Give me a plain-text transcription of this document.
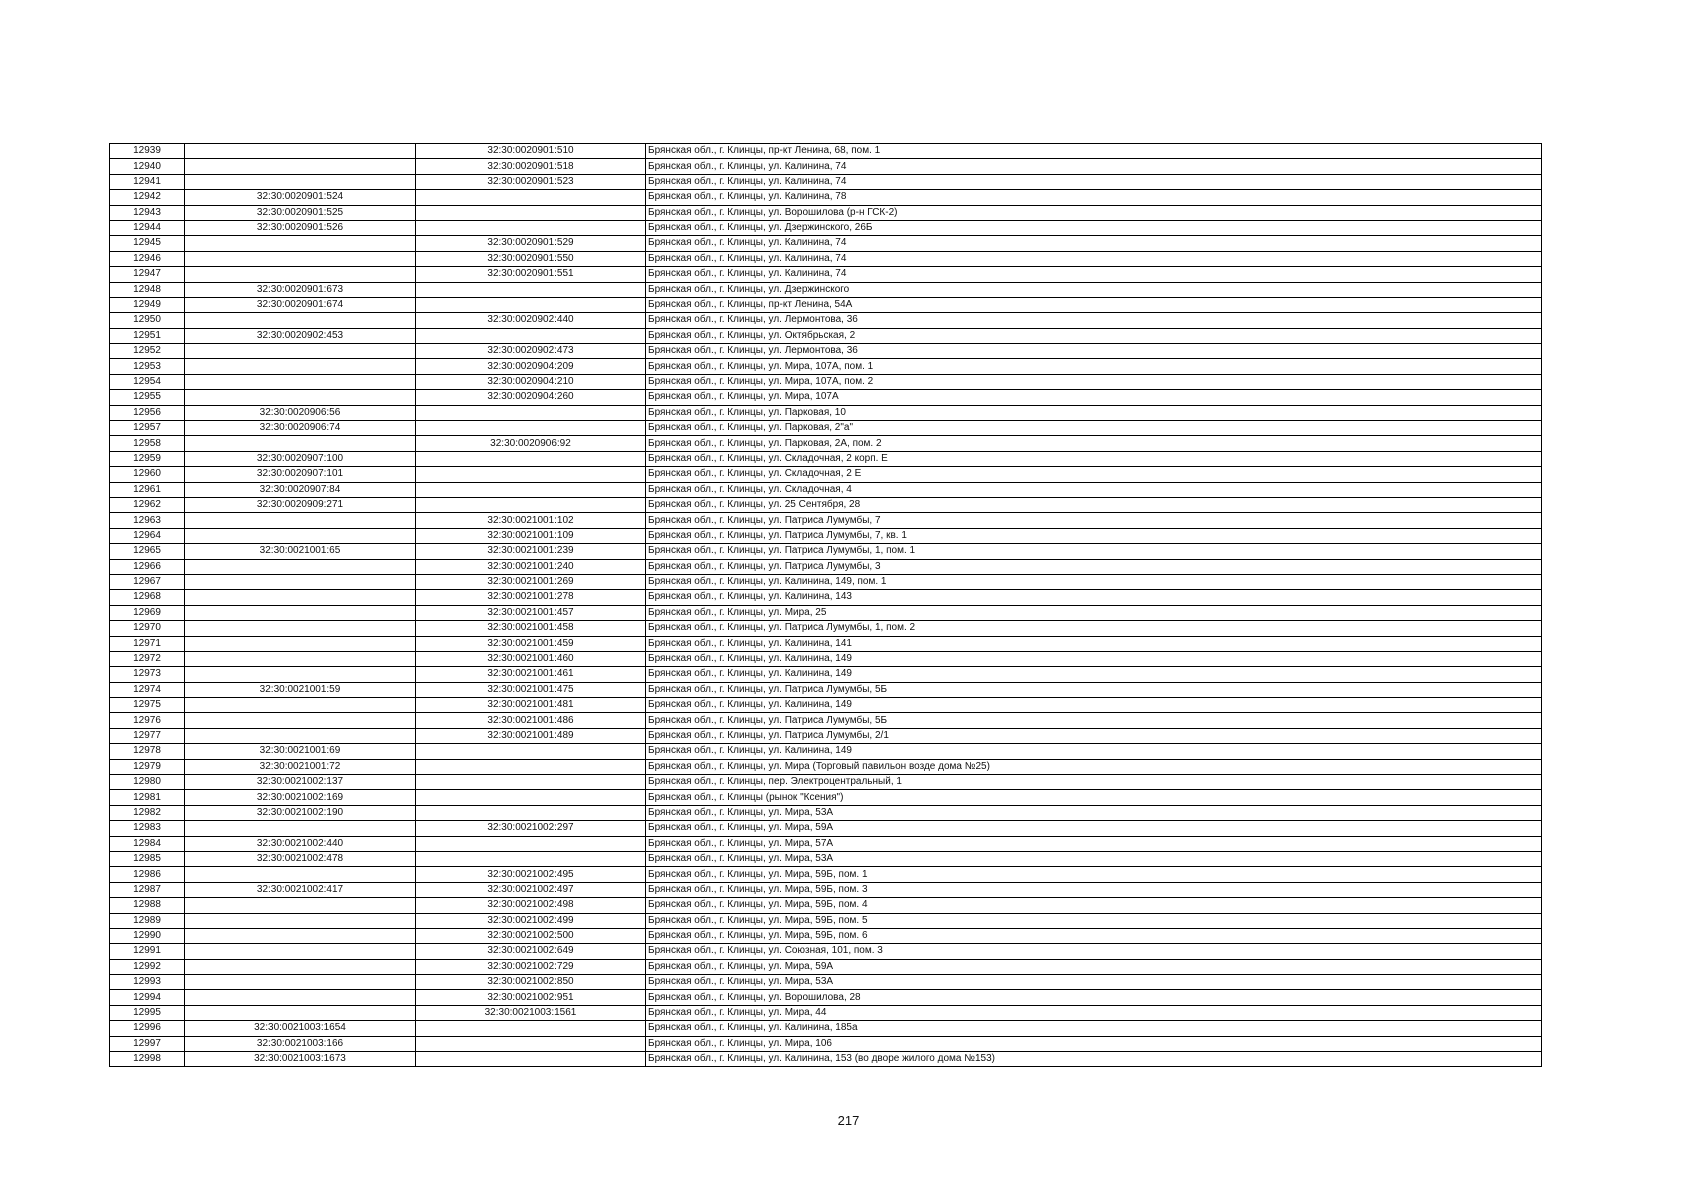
12939		32:30:0020901:510	Брянская обл., г. Клинцы, пр-кт Ленина, 68, пом. 1
12940		32:30:0020901:518	Брянская обл., г. Клинцы, ул. Калинина, 74
12941		32:30:0020901:523	Брянская обл., г. Клинцы, ул. Калинина, 74
12942	32:30:0020901:524		Брянская обл., г. Клинцы, ул. Калинина, 78
12943	32:30:0020901:525		Брянская обл., г. Клинцы, ул. Ворошилова (р-н ГСК-2)
12944	32:30:0020901:526		Брянская обл., г. Клинцы, ул. Дзержинского, 26Б
12945		32:30:0020901:529	Брянская обл., г. Клинцы, ул. Калинина, 74
12946		32:30:0020901:550	Брянская обл., г. Клинцы, ул. Калинина, 74
12947		32:30:0020901:551	Брянская обл., г. Клинцы, ул. Калинина, 74
12948	32:30:0020901:673		Брянская обл., г. Клинцы, ул. Дзержинского
12949	32:30:0020901:674		Брянская обл., г. Клинцы, пр-кт Ленина, 54А
12950		32:30:0020902:440	Брянская обл., г. Клинцы, ул. Лермонтова, 36
12951	32:30:0020902:453		Брянская обл., г. Клинцы, ул. Октябрьская, 2
12952		32:30:0020902:473	Брянская обл., г. Клинцы, ул. Лермонтова, 36
12953		32:30:0020904:209	Брянская обл., г. Клинцы, ул. Мира, 107А, пом. 1
12954		32:30:0020904:210	Брянская обл., г. Клинцы, ул. Мира, 107А, пом. 2
12955		32:30:0020904:260	Брянская обл., г. Клинцы, ул. Мира, 107А
12956	32:30:0020906:56		Брянская обл., г. Клинцы, ул. Парковая, 10
12957	32:30:0020906:74		Брянская обл., г. Клинцы, ул. Парковая, 2"а"
12958		32:30:0020906:92	Брянская обл., г. Клинцы, ул. Парковая, 2А, пом. 2
12959	32:30:0020907:100		Брянская обл., г. Клинцы, ул. Складочная, 2 корп. Е
12960	32:30:0020907:101		Брянская обл., г. Клинцы, ул. Складочная, 2 Е
12961	32:30:0020907:84		Брянская обл., г. Клинцы, ул. Складочная, 4
12962	32:30:0020909:271		Брянская обл., г. Клинцы, ул. 25 Сентября, 28
12963		32:30:0021001:102	Брянская обл., г. Клинцы, ул. Патриса Лумумбы, 7
12964		32:30:0021001:109	Брянская обл., г. Клинцы, ул. Патриса Лумумбы, 7, кв. 1
12965	32:30:0021001:65	32:30:0021001:239	Брянская обл., г. Клинцы, ул. Патриса Лумумбы, 1, пом. 1
12966		32:30:0021001:240	Брянская обл., г. Клинцы, ул. Патриса Лумумбы, 3
12967		32:30:0021001:269	Брянская обл., г. Клинцы, ул. Калинина, 149, пом. 1
12968		32:30:0021001:278	Брянская обл., г. Клинцы, ул. Калинина, 143
12969		32:30:0021001:457	Брянская обл., г. Клинцы, ул. Мира, 25
12970		32:30:0021001:458	Брянская обл., г. Клинцы, ул. Патриса Лумумбы, 1, пом. 2
12971		32:30:0021001:459	Брянская обл., г. Клинцы, ул. Калинина, 141
12972		32:30:0021001:460	Брянская обл., г. Клинцы, ул. Калинина, 149
12973		32:30:0021001:461	Брянская обл., г. Клинцы, ул. Калинина, 149
12974	32:30:0021001:59	32:30:0021001:475	Брянская обл., г. Клинцы, ул. Патриса Лумумбы, 5Б
12975		32:30:0021001:481	Брянская обл., г. Клинцы, ул. Калинина, 149
12976		32:30:0021001:486	Брянская обл., г. Клинцы, ул. Патриса Лумумбы, 5Б
12977		32:30:0021001:489	Брянская обл., г. Клинцы, ул. Патриса Лумумбы, 2/1
12978	32:30:0021001:69		Брянская обл., г. Клинцы, ул. Калинина, 149
12979	32:30:0021001:72		Брянская обл., г. Клинцы, ул. Мира (Торговый павильон возде дома №25)
12980	32:30:0021002:137		Брянская обл., г. Клинцы, пер. Электроцентральный, 1
12981	32:30:0021002:169		Брянская обл., г. Клинцы (рынок "Ксения")
12982	32:30:0021002:190		Брянская обл., г. Клинцы, ул. Мира, 53А
12983		32:30:0021002:297	Брянская обл., г. Клинцы, ул. Мира, 59А
12984	32:30:0021002:440		Брянская обл., г. Клинцы, ул. Мира, 57А
12985	32:30:0021002:478		Брянская обл., г. Клинцы, ул. Мира, 53А
12986		32:30:0021002:495	Брянская обл., г. Клинцы, ул. Мира, 59Б, пом. 1
12987	32:30:0021002:417	32:30:0021002:497	Брянская обл., г. Клинцы, ул. Мира, 59Б, пом. 3
12988		32:30:0021002:498	Брянская обл., г. Клинцы, ул. Мира, 59Б, пом. 4
12989		32:30:0021002:499	Брянская обл., г. Клинцы, ул. Мира, 59Б, пом. 5
12990		32:30:0021002:500	Брянская обл., г. Клинцы, ул. Мира, 59Б, пом. 6
12991		32:30:0021002:649	Брянская обл., г. Клинцы, ул. Союзная, 101, пом. 3
12992		32:30:0021002:729	Брянская обл., г. Клинцы, ул. Мира, 59А
12993		32:30:0021002:850	Брянская обл., г. Клинцы, ул. Мира, 53А
12994		32:30:0021002:951	Брянская обл., г. Клинцы, ул. Ворошилова, 28
12995		32:30:0021003:1561	Брянская обл., г. Клинцы, ул. Мира, 44
12996	32:30:0021003:1654		Брянская обл., г. Клинцы, ул. Калинина, 185а
12997	32:30:0021003:166		Брянская обл., г. Клинцы, ул. Мира, 106
12998	32:30:0021003:1673		Брянская обл., г. Клинцы, ул. Калинина, 153 (во дворе жилого дома №153)
217
